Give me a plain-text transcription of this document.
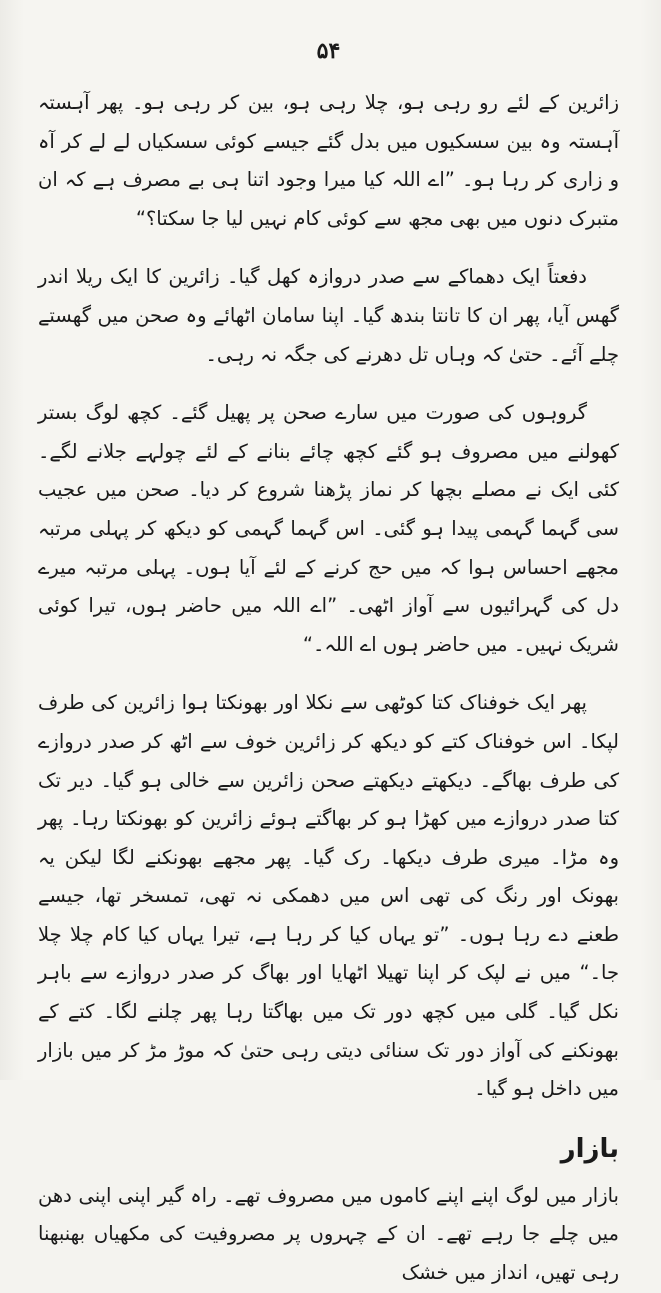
۵۴

زائرین کے لئے رو رہی ہو، چلا رہی ہو، بین کر رہی ہو۔ پھر آہستہ آہستہ وہ بین سسکیوں میں بدل گئے جیسے کوئی سسکیاں لے لے کر آہ و زاری کر رہا ہو۔ ”اے اللہ کیا میرا وجود اتنا ہی بے مصرف ہے کہ ان متبرک دنوں میں بھی مجھ سے کوئی کام نہیں لیا جا سکتا؟“

دفعتاً ایک دھماکے سے صدر دروازہ کھل گیا۔ زائرین کا ایک ریلا اندر گھس آیا، پھر ان کا تانتا بندھ گیا۔ اپنا سامان اٹھائے وہ صحن میں گھستے چلے آئے۔ حتیٰ کہ وہاں تل دھرنے کی جگہ نہ رہی۔

گروہوں کی صورت میں سارے صحن پر پھیل گئے۔ کچھ لوگ بستر کھولنے میں مصروف ہو گئے کچھ چائے بنانے کے لئے چولہے جلانے لگے۔ کئی ایک نے مصلے بچھا کر نماز پڑھنا شروع کر دیا۔ صحن میں عجیب سی گہما گہمی پیدا ہو گئی۔ اس گہما گہمی کو دیکھ کر پہلی مرتبہ مجھے احساس ہوا کہ میں حج کرنے کے لئے آیا ہوں۔ پہلی مرتبہ میرے دل کی گہرائیوں سے آواز اٹھی۔ ”اے اللہ میں حاضر ہوں، تیرا کوئی شریک نہیں۔ میں حاضر ہوں اے اللہ۔“

پھر ایک خوفناک کتا کوٹھی سے نکلا اور بھونکتا ہوا زائرین کی طرف لپکا۔ اس خوفناک کتے کو دیکھ کر زائرین خوف سے اٹھ کر صدر دروازے کی طرف بھاگے۔ دیکھتے دیکھتے صحن زائرین سے خالی ہو گیا۔ دیر تک کتا صدر دروازے میں کھڑا ہو کر بھاگتے ہوئے زائرین کو بھونکتا رہا۔ پھر وہ مڑا۔ میری طرف دیکھا۔ رک گیا۔ پھر مجھے بھونکنے لگا لیکن یہ بھونک اور رنگ کی تھی اس میں دھمکی نہ تھی، تمسخر تھا، جیسے طعنے دے رہا ہوں۔ ”تو یہاں کیا کر رہا ہے، تیرا یہاں کیا کام چلا چلا جا۔“ میں نے لپک کر اپنا تھیلا اٹھایا اور بھاگ کر صدر دروازے سے باہر نکل گیا۔ گلی میں کچھ دور تک میں بھاگتا رہا پھر چلنے لگا۔ کتے کے بھونکنے کی آواز دور تک سنائی دیتی رہی حتیٰ کہ موڑ مڑ کر میں بازار میں داخل ہو گیا۔

بازار

بازار میں لوگ اپنے اپنے کاموں میں مصروف تھے۔ راہ گیر اپنی اپنی دھن میں چلے جا رہے تھے۔ ان کے چہروں پر مصروفیت کی مکھیاں بھنبھنا رہی تھیں، انداز میں خشک
